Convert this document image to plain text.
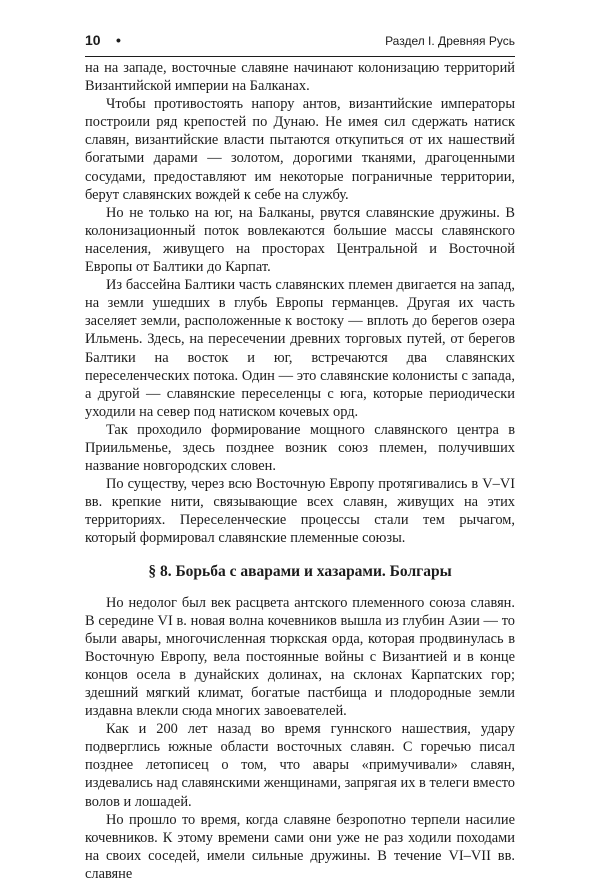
10 •	Раздел I. Древняя Русь

на на западе, восточные славяне начинают колонизацию территорий Византийской империи на Балканах.

Чтобы противостоять напору антов, византийские императоры построили ряд крепостей по Дунаю. Не имея сил сдержать натиск славян, византийские власти пытаются откупиться от их нашествий богатыми дарами — золотом, дорогими тканями, драгоценными сосудами, предоставляют им некоторые пограничные территории, берут славянских вождей к себе на службу.

Но не только на юг, на Балканы, рвутся славянские дружины. В колонизационный поток вовлекаются большие массы славянского населения, живущего на просторах Центральной и Восточной Европы от Балтики до Карпат.

Из бассейна Балтики часть славянских племен двигается на запад, на земли ушедших в глубь Европы германцев. Другая их часть заселяет земли, расположенные к востоку — вплоть до берегов озера Ильмень. Здесь, на пересечении древних торговых путей, от берегов Балтики на восток и юг, встречаются два славянских переселенческих потока. Один — это славянские колонисты с запада, а другой — славянские переселенцы с юга, которые периодически уходили на север под натиском кочевых орд.

Так проходило формирование мощного славянского центра в Приильменье, здесь позднее возник союз племен, получивших название новгородских словен.

По существу, через всю Восточную Европу протягивались в V–VI вв. крепкие нити, связывающие всех славян, живущих на этих территориях. Переселенческие процессы стали тем рычагом, который формировал славянские племенные союзы.

§ 8. Борьба с аварами и хазарами. Болгары

Но недолог был век расцвета антского племенного союза славян. В середине VI в. новая волна кочевников вышла из глубин Азии — то были авары, многочисленная тюркская орда, которая продвинулась в Восточную Европу, вела постоянные войны с Византией и в конце концов осела в дунайских долинах, на склонах Карпатских гор; здешний мягкий климат, богатые пастбища и плодородные земли издавна влекли сюда многих завоевателей.

Как и 200 лет назад во время гуннского нашествия, удару подверглись южные области восточных славян. С горечью писал позднее летописец о том, что авары «примучивали» славян, издевались над славянскими женщинами, запрягая их в телеги вместо волов и лошадей.

Но прошло то время, когда славяне безропотно терпели насилие кочевников. К этому времени сами они уже не раз ходили походами на своих соседей, имели сильные дружины. В течение VI–VII вв. славяне
